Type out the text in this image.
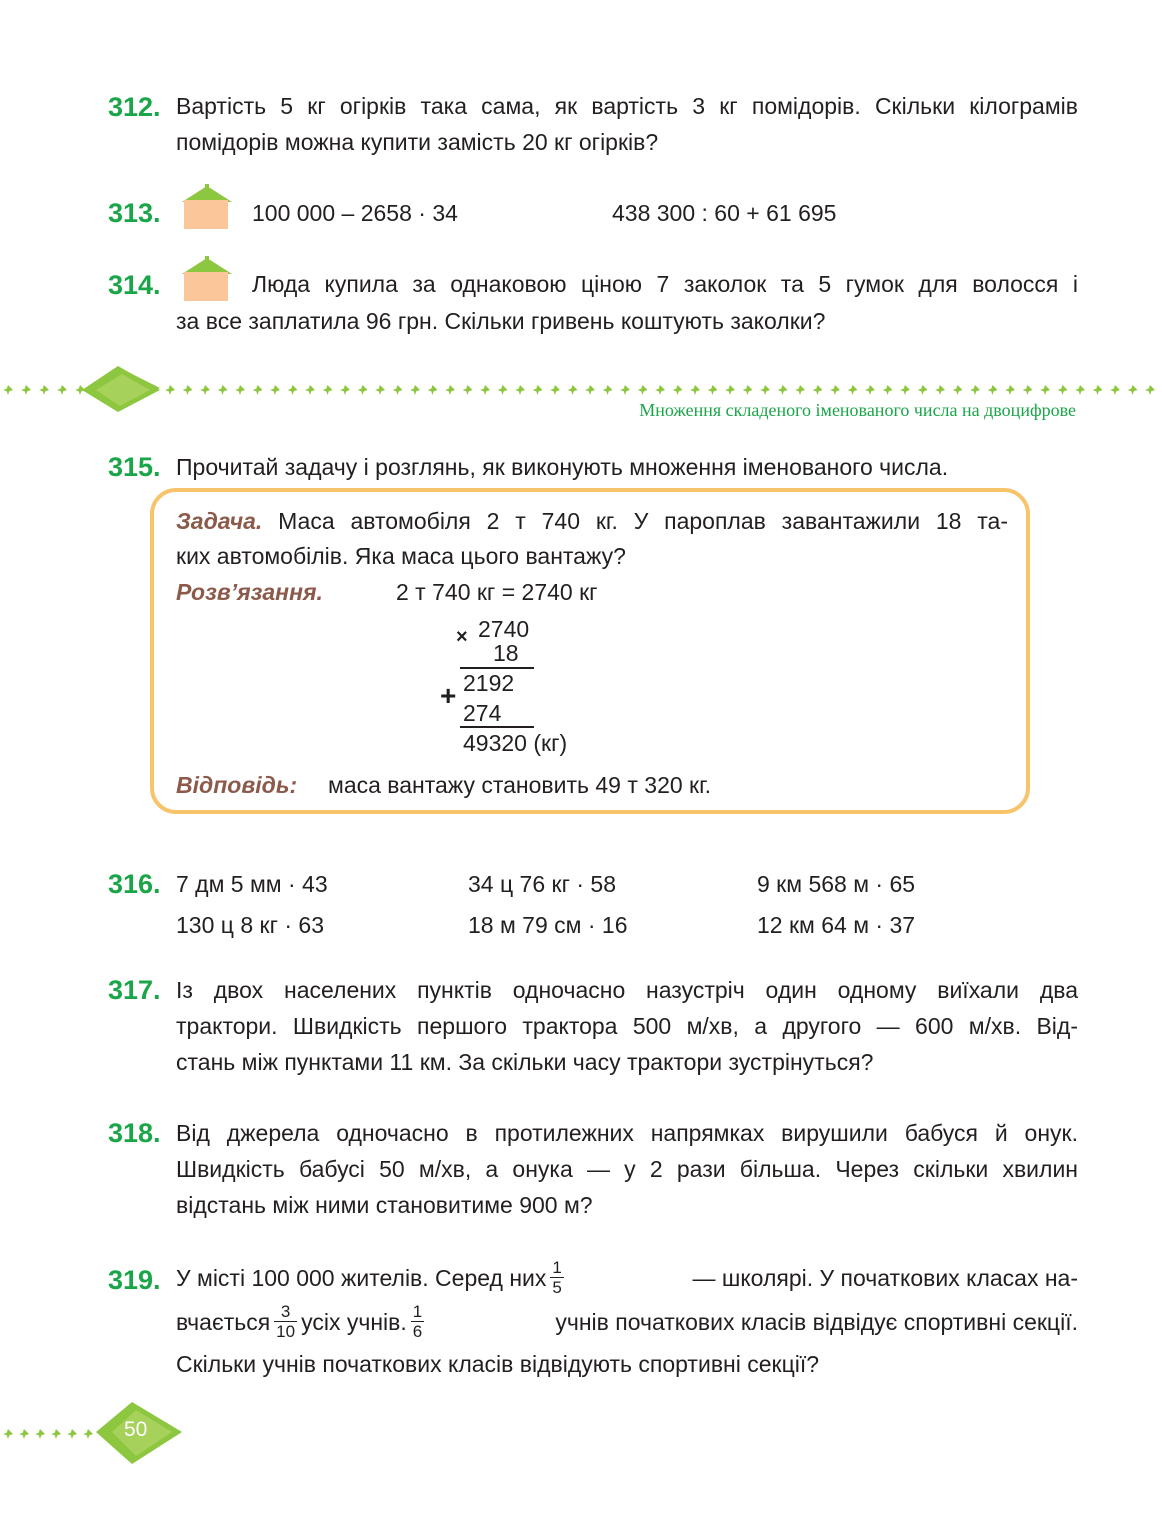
312. Вартість 5 кг огірків така сама, як вартість 3 кг помідорів. Скільки кілограмів
помідорів можна купити замість 20 кг огірків?
313.	100 000 – 2658 · 34	438 300 : 60 + 61 695
314.	Люда купила за однаковою ціною 7 заколок та 5 гумок для волосся і
за все заплатила 96 грн. Скільки гривень коштують заколки?
Множення складеного іменованого числа на двоцифрове
315. Прочитай задачу і розглянь, як виконують множення іменованого числа.
Задача. Маса автомобіля 2 т 740 кг. У пароплав завантажили 18 та-
ких автомобілів. Яка маса цього вантажу?
Розв’язання.	2 т 740 кг = 2740 кг
× 2740
18
+ 2192
274
49320 (кг)
Відповідь: маса вантажу становить 49 т 320 кг.
316. 7 дм 5 мм · 43	34 ц 76 кг · 58	9 км 568 м · 65
130 ц 8 кг · 63	18 м 79 см · 16	12 км 64 м · 37
317. Із двох населених пунктів одночасно назустріч один одному виїхали два
трактори. Швидкість першого трактора 500 м/хв, а другого — 600 м/хв. Від-
стань між пунктами 11 км. За скільки часу трактори зустрінуться?
318. Від джерела одночасно в протилежних напрямках вирушили бабуся й онук.
Швидкість бабусі 50 м/хв, а онука — у 2 рази більша. Через скільки хвилин
відстань між ними становитиме 900 м?
319. У місті 100 000 жителів. Серед них $\frac{1}{5}$	— школярі. У початкових класах на-
вчається $\frac{3}{10}$ усіх учнів. $\frac{1}{6}$	учнів початкових класів відвідує спортивні секції.
Скільки учнів початкових класів відвідують спортивні секції?
50
